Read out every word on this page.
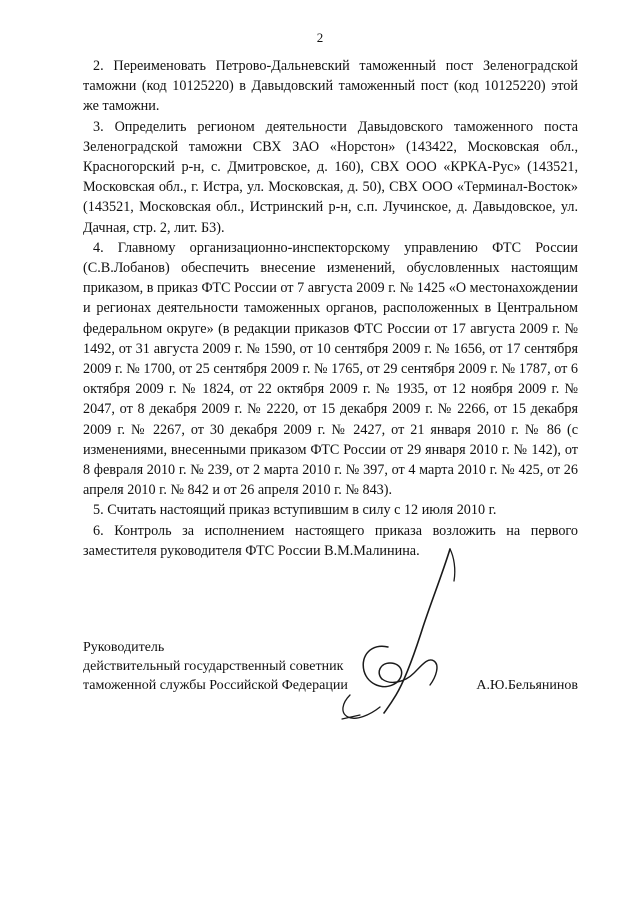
2

2. Переименовать Петрово-Дальневский таможенный пост Зеленоградской таможни (код 10125220) в Давыдовский таможенный пост (код 10125220) этой же таможни.

3. Определить регионом деятельности Давыдовского таможенного поста Зеленоградской таможни СВХ ЗАО «Норстон» (143422, Московская обл., Красногорский р-н, с. Дмитровское, д. 160), СВХ ООО «КРКА-Рус» (143521, Московская обл., г. Истра, ул. Московская, д. 50), СВХ ООО «Терминал-Восток» (143521, Московская обл., Истринский р-н, с.п. Лучинское, д. Давыдовское, ул. Дачная, стр. 2, лит. Б3).

4. Главному организационно-инспекторскому управлению ФТС России (С.В.Лобанов) обеспечить внесение изменений, обусловленных настоящим приказом, в приказ ФТС России от 7 августа 2009 г. № 1425 «О местонахождении и регионах деятельности таможенных органов, расположенных в Центральном федеральном округе» (в редакции приказов ФТС России от 17 августа 2009 г. № 1492, от 31 августа 2009 г. № 1590, от 10 сентября 2009 г. № 1656, от 17 сентября 2009 г. № 1700, от 25 сентября 2009 г. № 1765, от 29 сентября 2009 г. № 1787, от 6 октября 2009 г. № 1824, от 22 октября 2009 г. № 1935, от 12 ноября 2009 г. № 2047, от 8 декабря 2009 г. № 2220, от 15 декабря 2009 г. № 2266, от 15 декабря 2009 г. № 2267, от 30 декабря 2009 г. № 2427, от 21 января 2010 г. № 86 (с изменениями, внесенными приказом ФТС России от 29 января 2010 г. № 142), от 8 февраля 2010 г. № 239, от 2 марта 2010 г. № 397, от 4 марта 2010 г. № 425, от 26 апреля 2010 г. № 842 и от 26 апреля 2010 г. № 843).

5. Считать настоящий приказ вступившим в силу с 12 июля 2010 г.

6. Контроль за исполнением настоящего приказа возложить на первого заместителя руководителя ФТС России В.М.Малинина.

Руководитель
действительный государственный советник
таможенной службы Российской Федерации	А.Ю.Бельянинов
